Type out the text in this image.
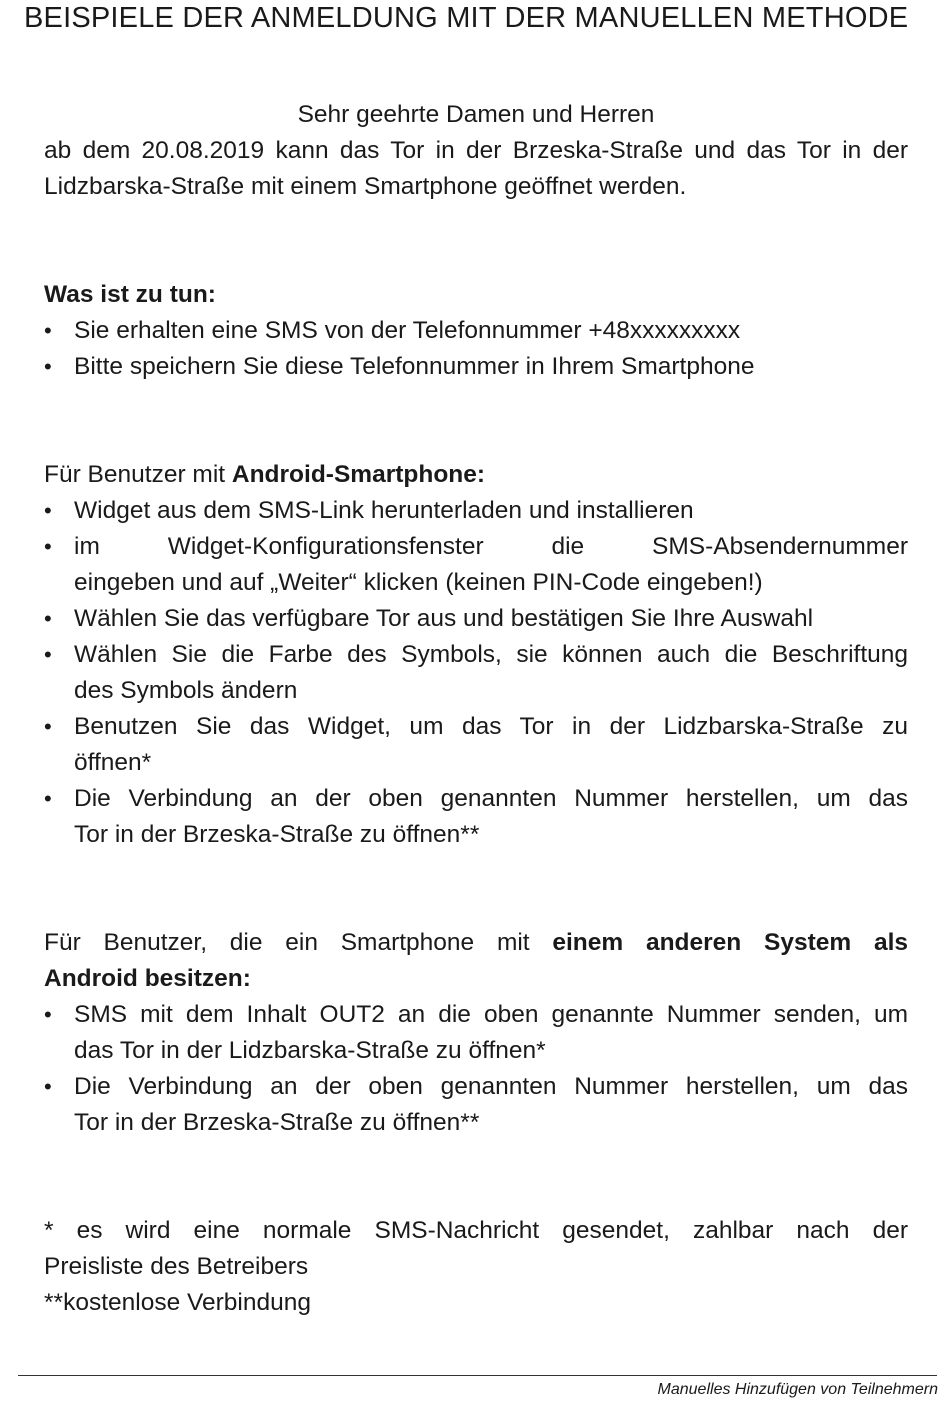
BEISPIELE DER ANMELDUNG MIT DER MANUELLEN METHODE
Sehr geehrte Damen und Herren
ab dem 20.08.2019 kann das Tor in der Brzeska-Straße und das Tor in der
Lidzbarska-Straße mit einem Smartphone geöffnet werden.
Was ist zu tun:
• Sie erhalten eine SMS von der Telefonnummer +48xxxxxxxxx
• Bitte speichern Sie diese Telefonnummer in Ihrem Smartphone
Für Benutzer mit Android-Smartphone:
• Widget aus dem SMS-Link herunterladen und installieren
• im Widget-Konfigurationsfenster die SMS-Absendernummer
eingeben und auf „Weiter“ klicken (keinen PIN-Code eingeben!)
• Wählen Sie das verfügbare Tor aus und bestätigen Sie Ihre Auswahl
• Wählen Sie die Farbe des Symbols, sie können auch die Beschriftung
des Symbols ändern
• Benutzen Sie das Widget, um das Tor in der Lidzbarska-Straße zu
öffnen*
• Die Verbindung an der oben genannten Nummer herstellen, um das
Tor in der Brzeska-Straße zu öffnen**
Für Benutzer, die ein Smartphone mit einem anderen System als
Android besitzen:
• SMS mit dem Inhalt OUT2 an die oben genannte Nummer senden, um
das Tor in der Lidzbarska-Straße zu öffnen*
• Die Verbindung an der oben genannten Nummer herstellen, um das
Tor in der Brzeska-Straße zu öffnen**
* es wird eine normale SMS-Nachricht gesendet, zahlbar nach der
Preisliste des Betreibers
**kostenlose Verbindung
Manuelles Hinzufügen von Teilnehmern
